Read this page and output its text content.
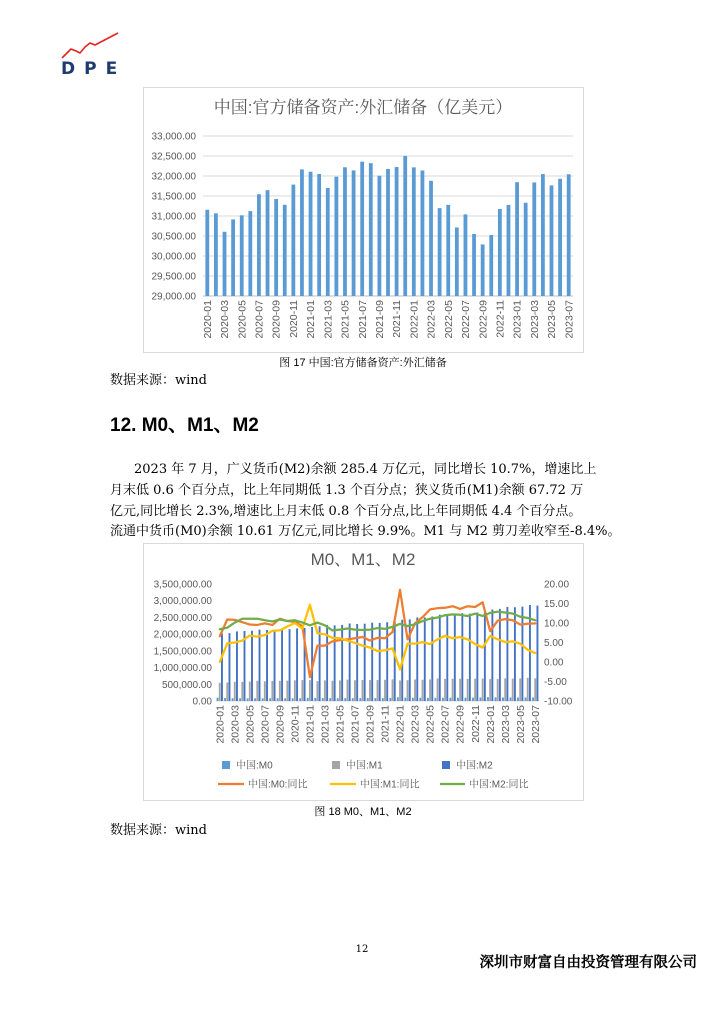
DPE
中国:官方储备资产:外汇储备（亿美元）
33,000.00
32,500.00
32,000.00
31,500.00
31,000.00
30,500.00
30,000.00
29,500.00
29,000.00
2020-01 2020-03 2020-05 2020-07 2020-09 2020-11 2021-01 2021-03 2021-05 2021-07 2021-09 2021-11 2022-01 2022-03 2022-05 2022-07 2022-09 2022-11 2023-01 2023-03 2023-05 2023-07
图 17 中国:官方储备资产:外汇储备
数据来源：wind
12. M0、M1、M2
2023 年 7 月，广义货币(M2)余额 285.4 万亿元，同比增长 10.7%，增速比上
月末低 0.6 个百分点，比上年同期低 1.3 个百分点；狭义货币(M1)余额 67.72 万
亿元,同比增长 2.3%,增速比上月末低 0.8 个百分点,比上年同期低 4.4 个百分点。
流通中货币(M0)余额 10.61 万亿元,同比增长 9.9%。M1 与 M2 剪刀差收窄至-8.4%。
M0、M1、M2
3,500,000.00
3,000,000.00
2,500,000.00
2,000,000.00
1,500,000.00
1,000,000.00
500,000.00
0.00
20.00
15.00
10.00
5.00
0.00
-5.00
-10.00
2020-01 2020-03 2020-05 2020-07 2020-09 2020-11 2021-01 2021-03 2021-05 2021-07 2021-09 2021-11 2022-01 2022-03 2022-05 2022-07 2022-09 2022-11 2023-01 2023-03 2023-05 2023-07
中国:M0	中国:M1	中国:M2
中国:M0:同比	中国:M1:同比	中国:M2:同比
图 18 M0、M1、M2
数据来源：wind
12
深圳市财富自由投资管理有限公司
